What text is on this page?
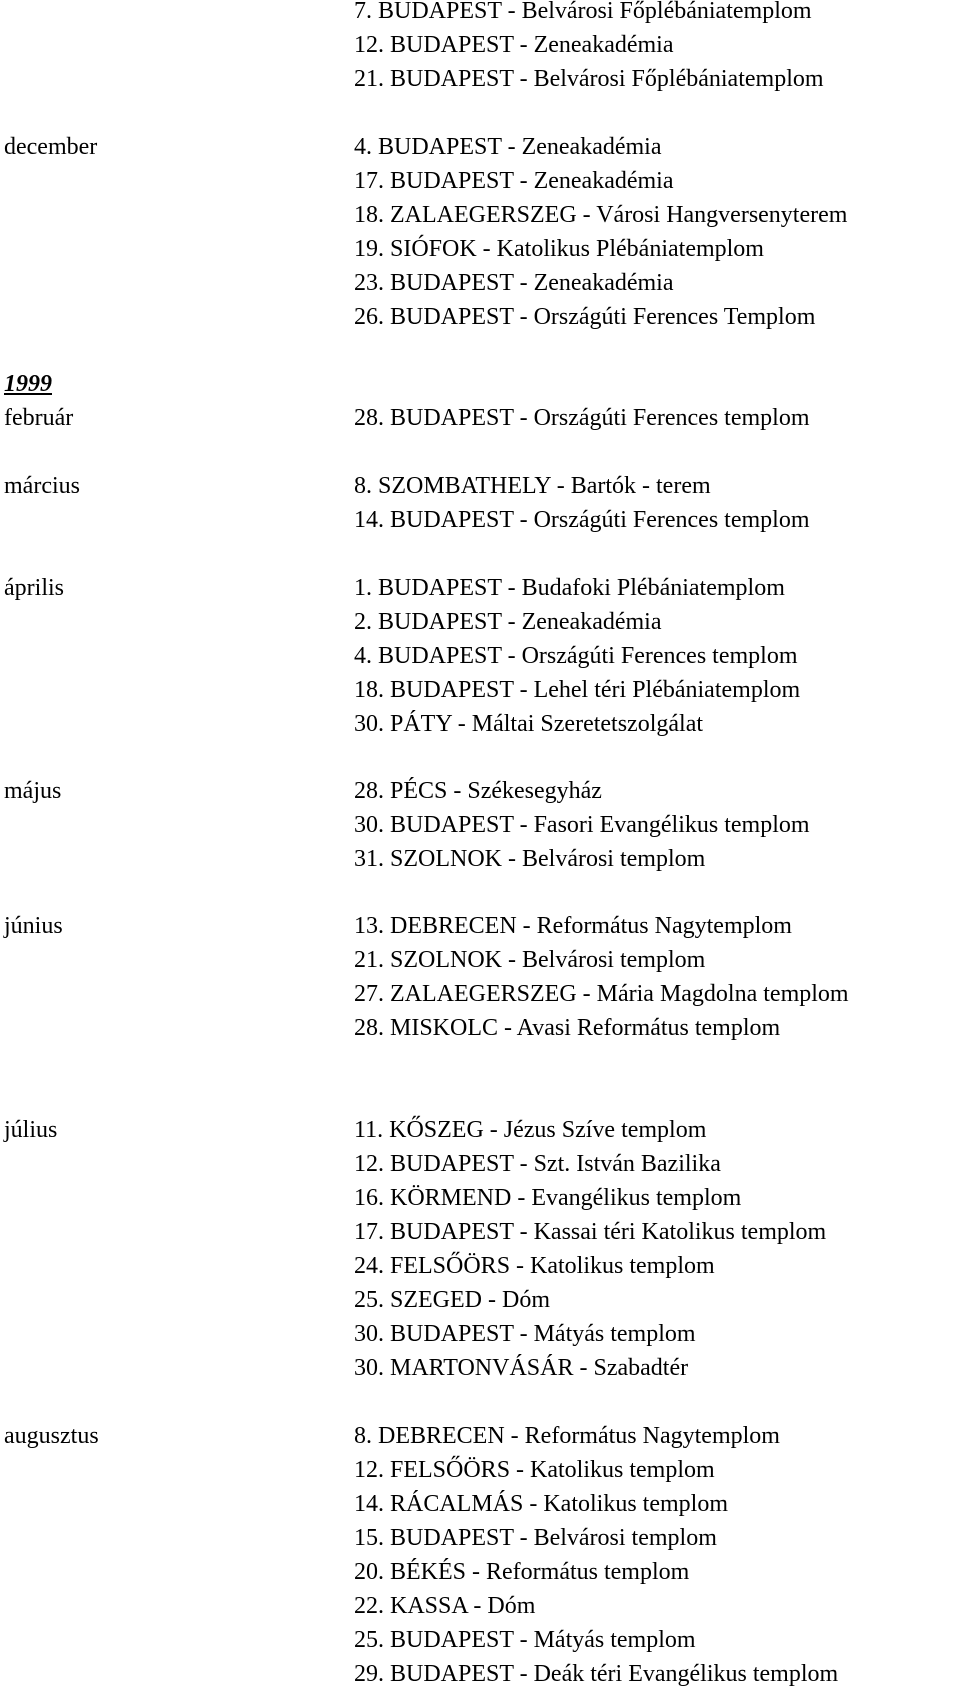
7. BUDAPEST - Belvárosi Főplébániatemplom
12. BUDAPEST - Zeneakadémia
21. BUDAPEST - Belvárosi Főplébániatemplom
december	4. BUDAPEST - Zeneakadémia
17. BUDAPEST - Zeneakadémia
18. ZALAEGERSZEG - Városi Hangversenyterem
19. SIÓFOK - Katolikus Plébániatemplom
23. BUDAPEST - Zeneakadémia
26. BUDAPEST - Országúti Ferences Templom
1999
február	28. BUDAPEST - Országúti Ferences templom
március	8. SZOMBATHELY - Bartók - terem
14. BUDAPEST - Országúti Ferences templom
április	1. BUDAPEST - Budafoki Plébániatemplom
2. BUDAPEST - Zeneakadémia
4. BUDAPEST - Országúti Ferences templom
18. BUDAPEST - Lehel téri Plébániatemplom
30. PÁTY - Máltai Szeretetszolgálat
május	28. PÉCS - Székesegyház
30. BUDAPEST - Fasori Evangélikus templom
31. SZOLNOK - Belvárosi templom
június	13. DEBRECEN - Református Nagytemplom
21. SZOLNOK - Belvárosi templom
27. ZALAEGERSZEG - Mária Magdolna templom
28. MISKOLC - Avasi Református templom
július	11. KŐSZEG - Jézus Szíve templom
12. BUDAPEST - Szt. István Bazilika
16. KÖRMEND - Evangélikus templom
17. BUDAPEST - Kassai téri Katolikus templom
24. FELSŐÖRS - Katolikus templom
25. SZEGED - Dóm
30. BUDAPEST - Mátyás templom
30. MARTONVÁSÁR - Szabadtér
augusztus	8. DEBRECEN - Református Nagytemplom
12. FELSŐÖRS - Katolikus templom
14. RÁCALMÁS - Katolikus templom
15. BUDAPEST - Belvárosi templom
20. BÉKÉS - Református templom
22. KASSA - Dóm
25. BUDAPEST - Mátyás templom
29. BUDAPEST - Deák téri Evangélikus templom
